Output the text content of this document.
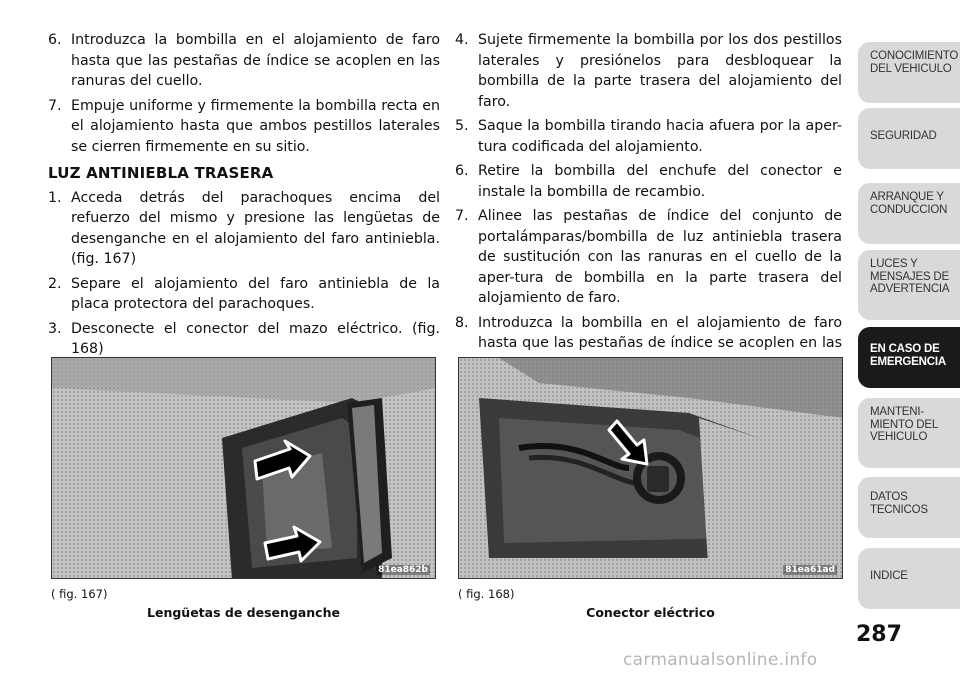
6. Introduzca la bombilla en el alojamiento de faro hasta que las pestañas de índice se acoplen en las ranuras del cuello.
7. Empuje uniforme y firmemente la bombilla recta en el alojamiento hasta que ambos pestillos laterales se cierren firmemente en su sitio.
LUZ ANTINIEBLA TRASERA
1. Acceda detrás del parachoques encima del refuerzo del mismo y presione las lengüetas de desenganche en el alojamiento del faro antiniebla. (fig. 167)
2. Separe el alojamiento del faro antiniebla de la placa protectora del parachoques.
3. Desconecte el conector del mazo eléctrico. (fig. 168)
4. Sujete firmemente la bombilla por los dos pestillos laterales y presiónelos para desbloquear la bombilla de la parte trasera del alojamiento del faro.
5. Saque la bombilla tirando hacia afuera por la aper-tura codificada del alojamiento.
6. Retire la bombilla del enchufe del conector e instale la bombilla de recambio.
7. Alinee las pestañas de índice del conjunto de portalámparas/bombilla de luz antiniebla trasera de sustitución con las ranuras en el cuello de la aper-tura de bombilla en la parte trasera del alojamiento de faro.
8. Introduzca la bombilla en el alojamiento de faro hasta que las pestañas de índice se acoplen en las
81ea862b
( fig. 167)
Lengüetas de desenganche
81ea61ad
( fig. 168)
Conector eléctrico
CONOCIMIENTO
DEL VEHICULO
SEGURIDAD
ARRANQUE Y
CONDUCCION
LUCES Y
MENSAJES DE
ADVERTENCIA
EN CASO DE
EMERGENCIA
MANTENI-
MIENTO DEL
VEHICULO
DATOS
TECNICOS
INDICE
287
carmanualsonline.info
